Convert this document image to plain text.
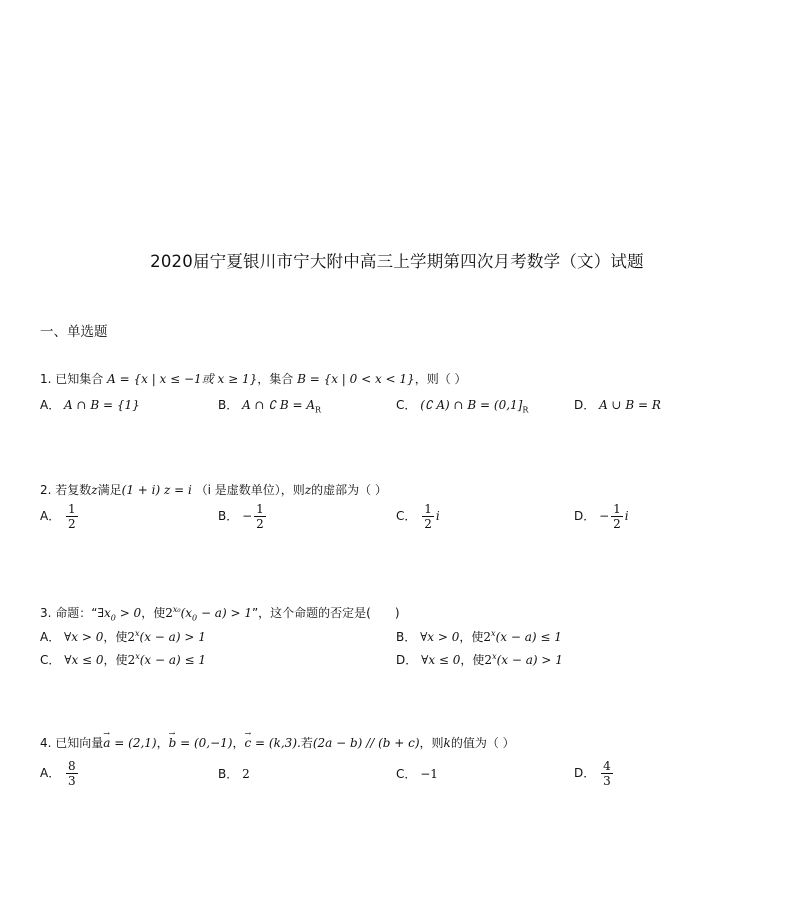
2020届宁夏银川市宁大附中高三上学期第四次月考数学（文）试题
一、单选题
1. 已知集合 A = {x | x ≤ −1或 x ≥ 1}，集合 B = {x | 0 < x < 1}，则（ ）
A． A ∩ B = {1}	B． A ∩ ∁ $B = A_R$	C． (∁ A) ∩ $B = (0,1]_R$	D． A ∪ B = R
2. 若复数z满足(1 + i) z = i （i 是虚数单位），则z的虚部为（ ）
A． $\frac{1}{2}$	B． − $\frac{1}{2}$	C． $\frac{1}{2}$ i	D． − $\frac{1}{2}$ i
3. 命题：“$\exists x_0 > 0$，使$2^{x_0}(x_0 - a) > 1$”，这个命题的否定是(　　)
A． ∀x > 0，使$2^x(x - a) > 1$	B． ∀x > 0，使$2^x(x - a) \le 1$
C． ∀x ≤ 0，使$2^x(x - a) \le 1$	D． ∀x ≤ 0，使$2^x(x - a) > 1$
4. 已知向量→ a = (2,1)，→ b = (0,−1)，→ c = (k,3).若(2a − b) // (b + c)，则k的值为（ ）
A． $\frac{8}{3}$	B． 2	C． −1	D． $\frac{4}{3}$
